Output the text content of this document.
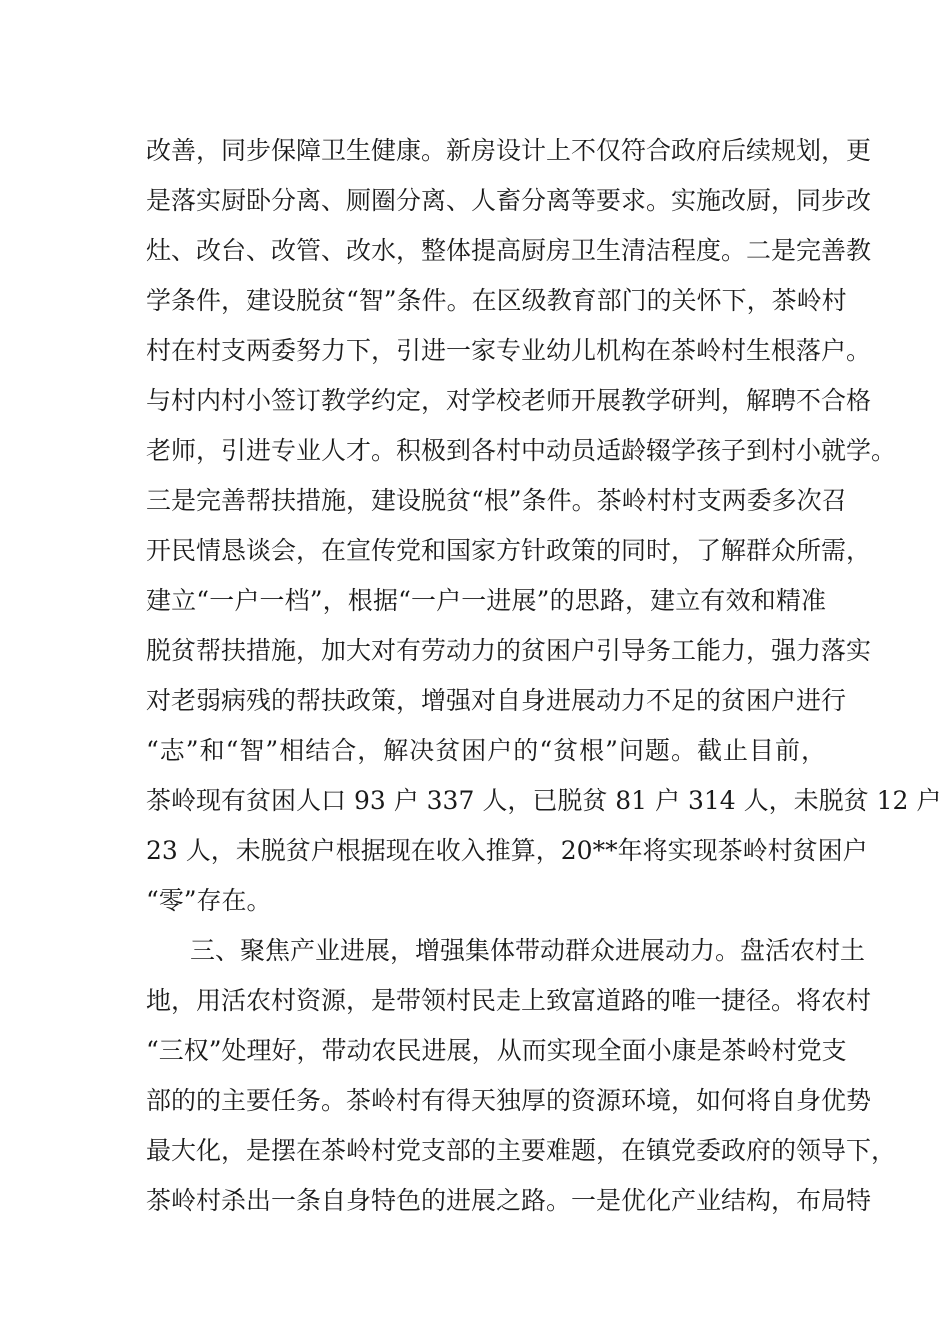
改善，同步保障卫生健康。新房设计上不仅符合政府后续规划，更
是落实厨卧分离、厕圈分离、人畜分离等要求。实施改厨，同步改
灶、改台、改管、改水，整体提高厨房卫生清洁程度。二是完善教
学条件，建设脱贫“智”条件。在区级教育部门的关怀下，茶岭村
村在村支两委努力下，引进一家专业幼儿机构在茶岭村生根落户。
与村内村小签订教学约定，对学校老师开展教学研判，解聘不合格
老师，引进专业人才。积极到各村中动员适龄辍学孩子到村小就学。
三是完善帮扶措施，建设脱贫“根”条件。茶岭村村支两委多次召
开民情恳谈会，在宣传党和国家方针政策的同时，了解群众所需，
建立“一户一档”，根据“一户一进展”的思路，建立有效和精准
脱贫帮扶措施，加大对有劳动力的贫困户引导务工能力，强力落实
对老弱病残的帮扶政策，增强对自身进展动力不足的贫困户进行
“志”和“智”相结合，解决贫困户的“贫根”问题。截止目前，
茶岭现有贫困人口 93 户 337 人，已脱贫 81 户 314 人，未脱贫 12 户
23 人，未脱贫户根据现在收入推算，20**年将实现茶岭村贫困户
“零”存在。
三、聚焦产业进展，增强集体带动群众进展动力。盘活农村土
地，用活农村资源，是带领村民走上致富道路的唯一捷径。将农村
“三权”处理好，带动农民进展，从而实现全面小康是茶岭村党支
部的的主要任务。茶岭村有得天独厚的资源环境，如何将自身优势
最大化，是摆在茶岭村党支部的主要难题，在镇党委政府的领导下，
茶岭村杀出一条自身特色的进展之路。一是优化产业结构，布局特
